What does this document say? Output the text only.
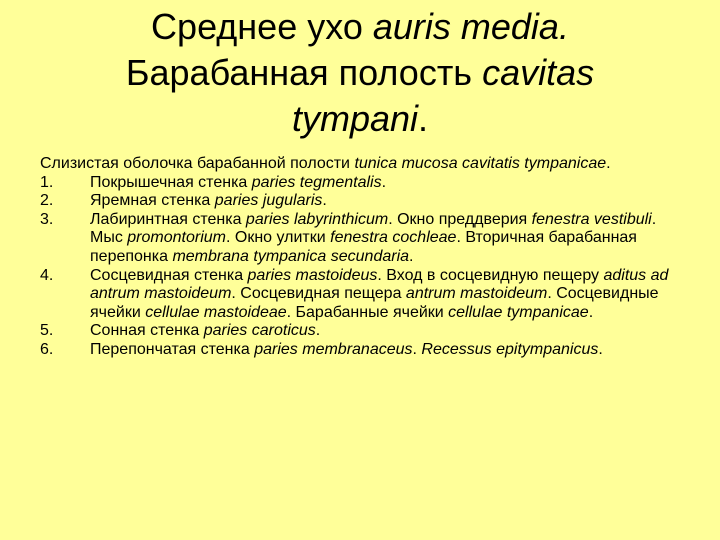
Среднее ухо auris media.
Барабанная полость cavitas
tympani.

Слизистая оболочка барабанной полости tunica mucosa cavitatis tympanicae.

1. Покрышечная стенка paries tegmentalis.

2. Яремная стенка paries jugularis.

3. Лабиринтная стенка paries labyrinthicum. Окно преддверия fenestra vestibuli. Мыс promontorium. Окно улитки fenestra cochleae. Вторичная барабанная перепонка membrana tympanica secundaria.

4. Сосцевидная стенка paries mastoideus. Вход в сосцевидную пещеру aditus ad antrum mastoideum. Сосцевидная пещера antrum mastoideum. Сосцевидные ячейки cellulae mastoideae. Барабанные ячейки cellulae tympanicae.

5. Сонная стенка paries caroticus.

6. Перепончатая стенка paries membranaceus. Recessus epitympanicus.
